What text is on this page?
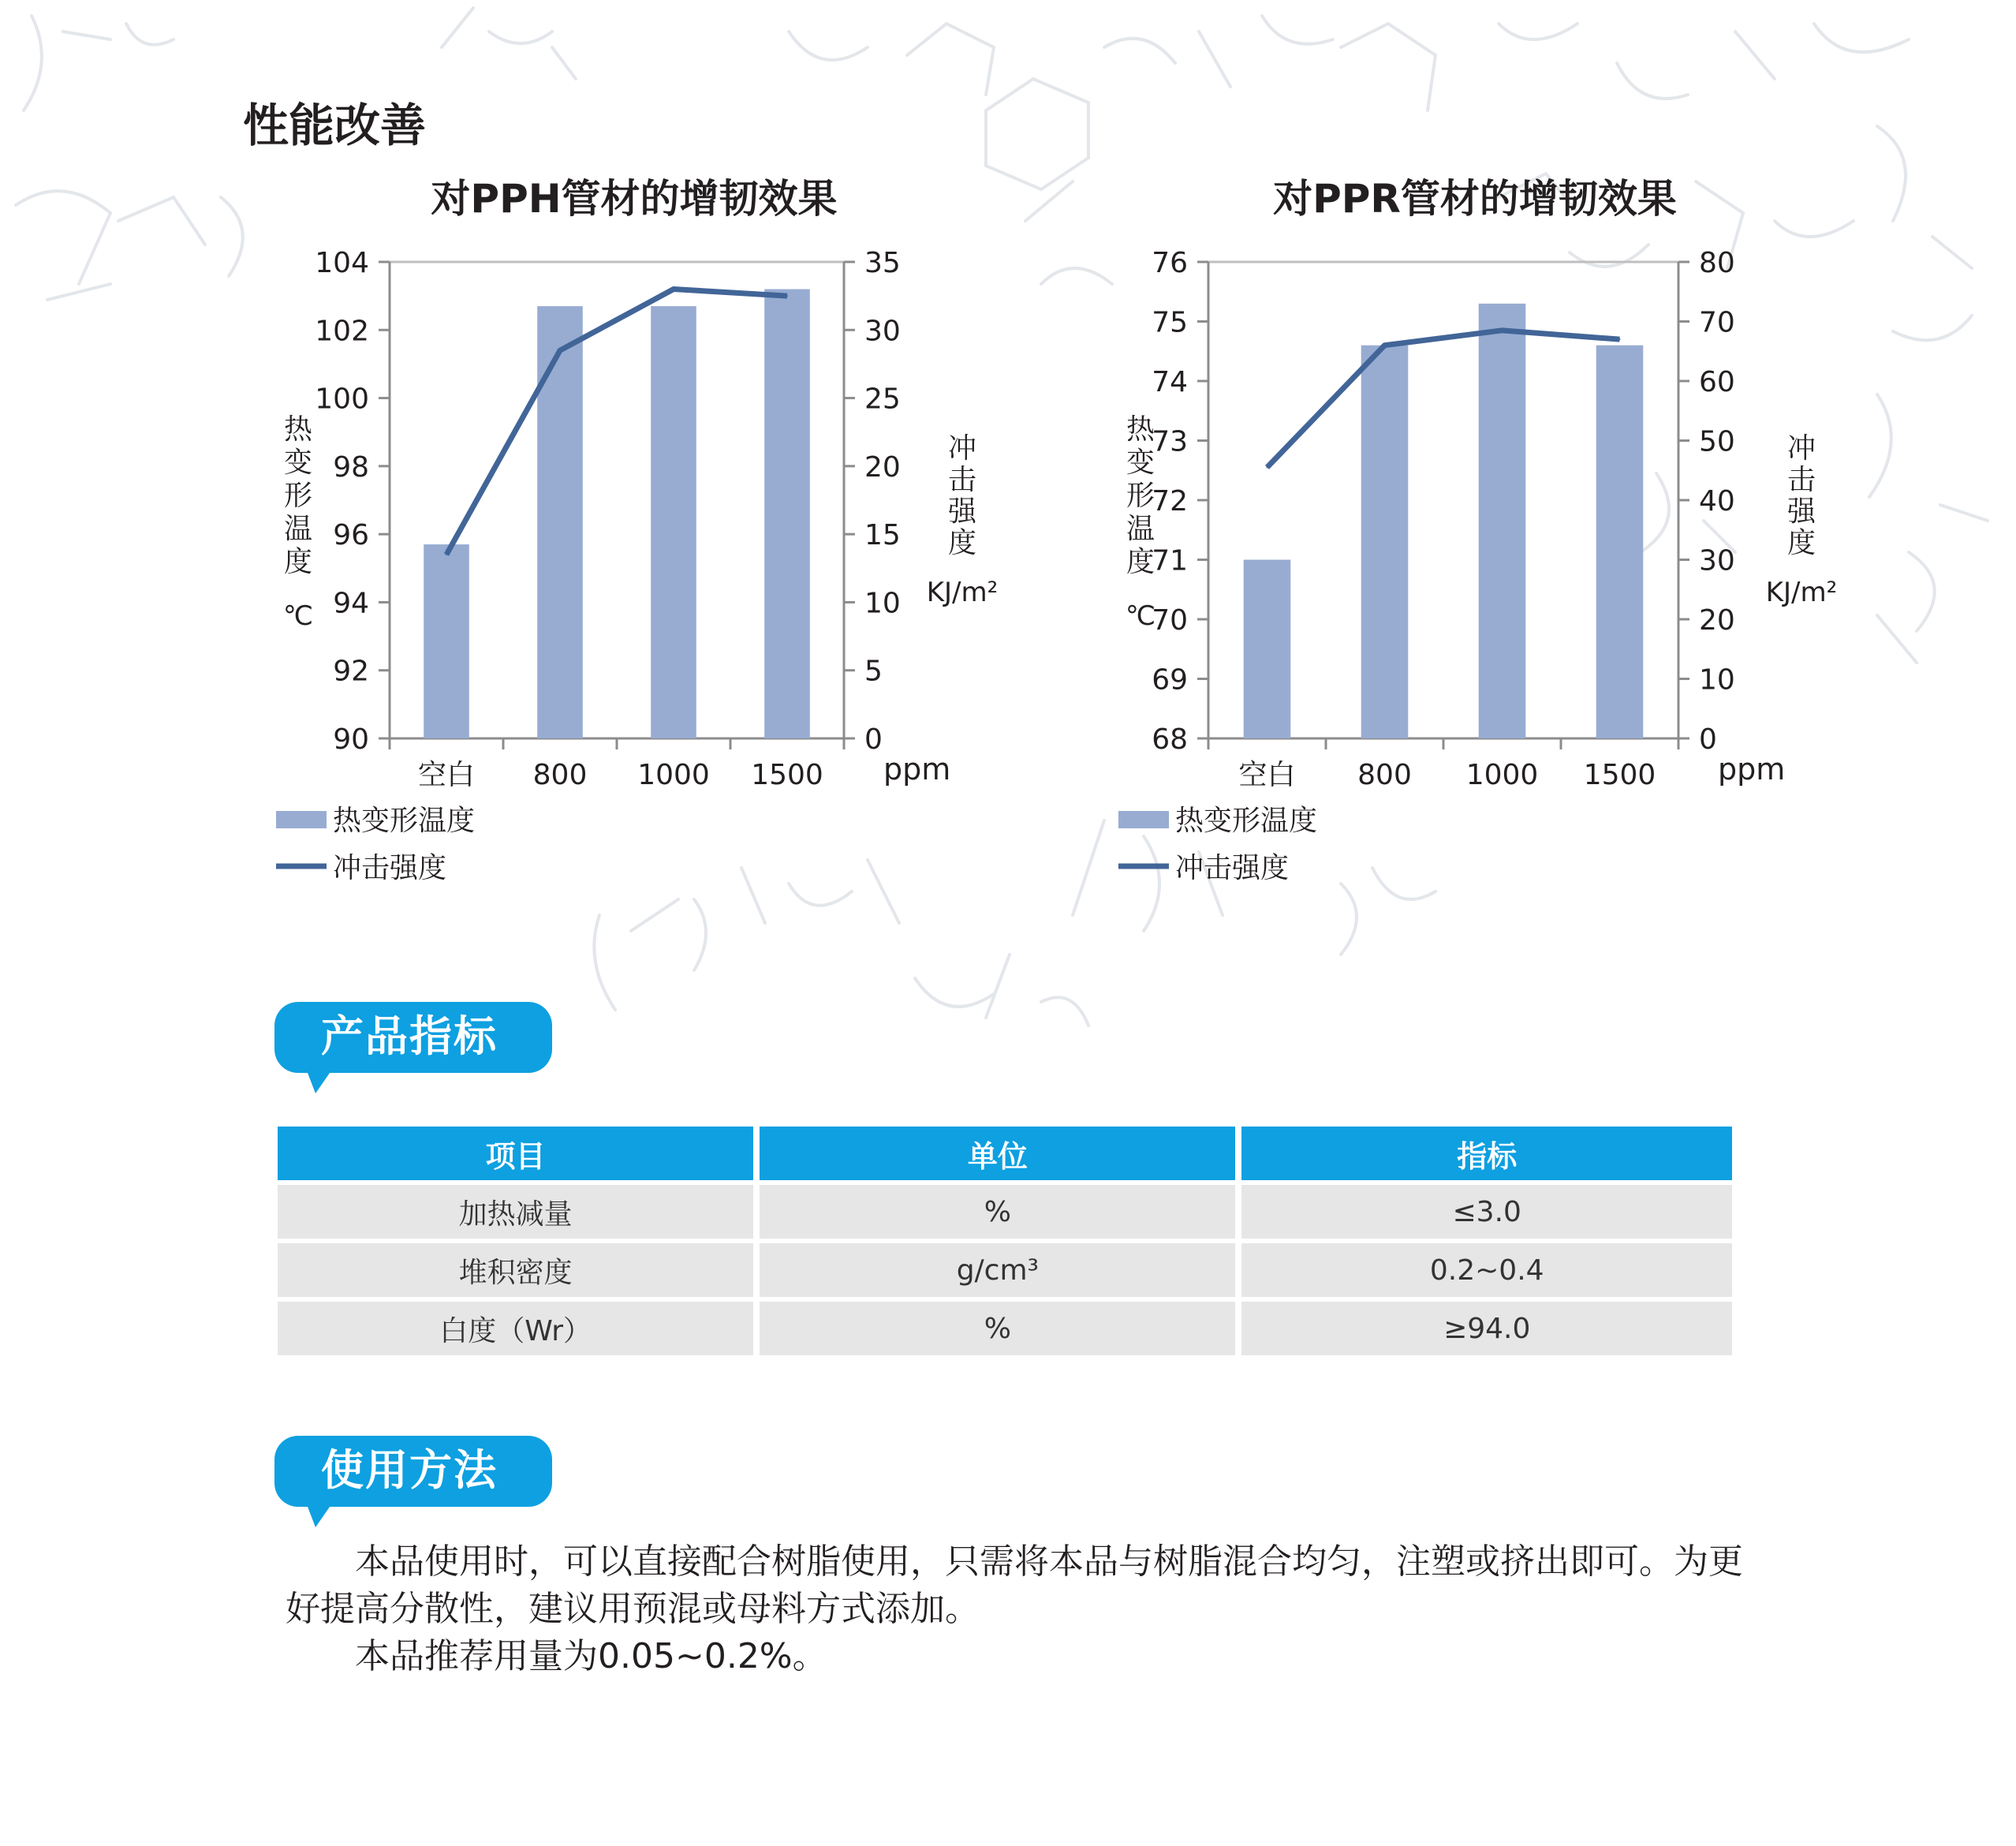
性能改善
对PPH管材的增韧效果
90
92
94
96
98
100
102
104
0
5
10
15
20
25
30
35
空白 800 1000 1500 ppm
热
变
形
温
度
℃
冲
击
强
度
KJ/m²
热变形温度
冲击强度
对PPR管材的增韧效果
68
69
70
71
72
73
74
75
76
0
10
20
30
40
50
60
70
80
空白 800 1000 1500 ppm
热
变
形
温
度
℃
冲
击
强
度
KJ/m²
热变形温度
冲击强度
产品指标
项目	单位	指标
加热减量	%	≤3.0
堆积密度	g/cm³	0.2~0.4
白度（Wr）	%	≥94.0
使用方法

本品使用时，可以直接配合树脂使用，只需将本品与树脂混合均匀，注塑或挤出即可。为更好提高分散性，建议用预混或母料方式添加。

本品推荐用量为0.05~0.2%。
